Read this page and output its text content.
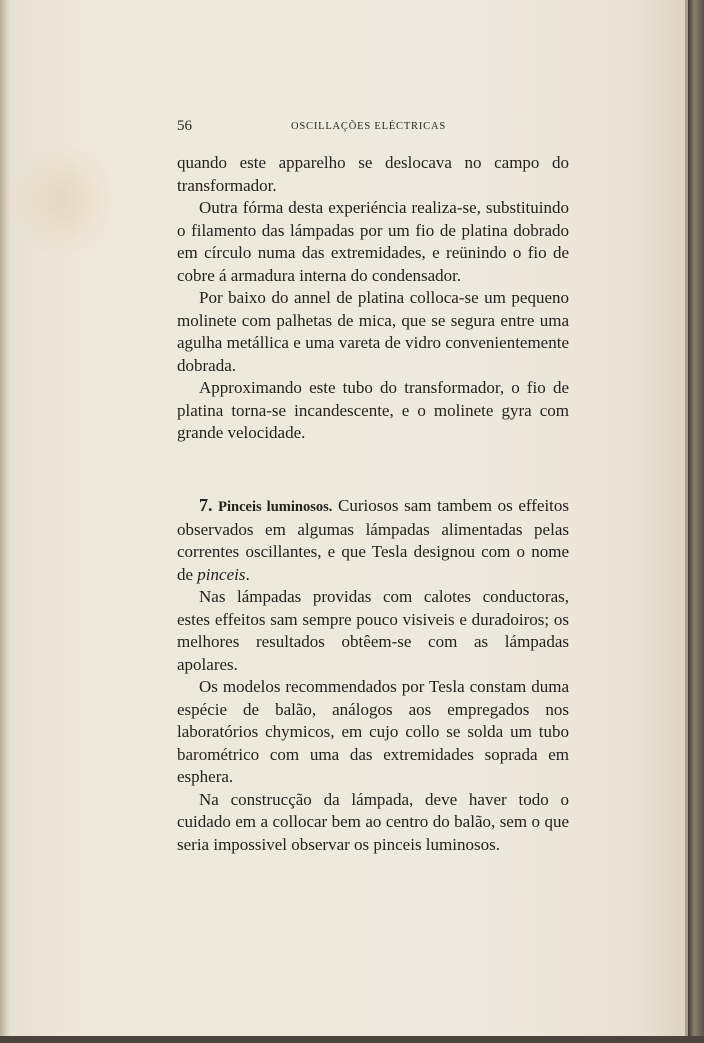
56	OSCILLAÇÕES ELÉCTRICAS

quando este apparelho se deslocava no campo do transformador.

Outra fórma desta experiéncia realiza-se, substituindo o filamento das lámpadas por um fio de platina dobrado em círculo numa das extremidades, e reünindo o fio de cobre á armadura interna do condensador.

Por baixo do annel de platina colloca-se um pequeno molinete com palhetas de mica, que se segura entre uma agulha metállica e uma vareta de vidro convenientemente dobrada.

Approximando este tubo do transformador, o fio de platina torna-se incandescente, e o molinete gyra com grande velocidade.

7. Pinceis luminosos. Curiosos sam tambem os effeitos observados em algumas lámpadas alimentadas pelas correntes oscillantes, e que Tesla designou com o nome de pinceis.

Nas lámpadas providas com calotes conductoras, estes effeitos sam sempre pouco visiveis e duradoiros; os melhores resultados obtêem-se com as lámpadas apolares.

Os modelos recommendados por Tesla constam duma espécie de balão, análogos aos empregados nos laboratórios chymicos, em cujo collo se solda um tubo barométrico com uma das extremidades soprada em esphera.

Na construcção da lámpada, deve haver todo o cuidado em a collocar bem ao centro do balão, sem o que seria impossivel observar os pinceis luminosos.
